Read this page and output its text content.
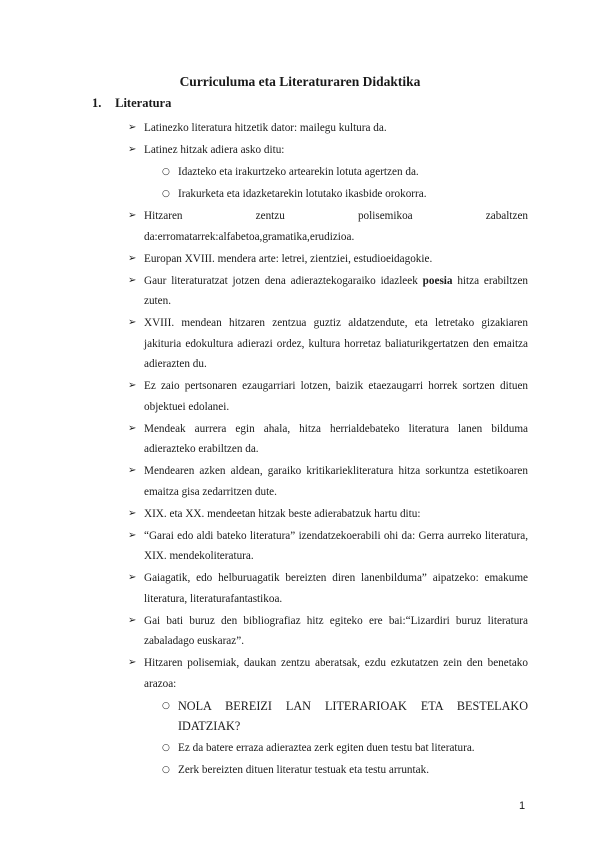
Curriculuma eta Literaturaren Didaktika
1. Literatura
➢ Latinezko literatura hitzetik dator: mailegu kultura da.
➢ Latinez hitzak adiera asko ditu:
○ Idazteko eta irakurtzeko artearekin lotuta agertzen da.
○ Irakurketa eta idazketarekin lotutako ikasbide orokorra.
➢ Hitzaren zentzu polisemikoa zabaltzen da:erromatarrek:alfabetoa,gramatika,erudizioa.
➢ Europan XVIII. mendera arte: letrei, zientziei, estudioeidagokie.
➢ Gaur literaturatzat jotzen dena adieraztekogaraiko idazleek poesia hitza erabiltzen zuten.
➢ XVIII. mendean hitzaren zentzua guztiz aldatzendute, eta letretako gizakiaren jakituria edokultura adierazi ordez, kultura horretaz baliaturikgertatzen den emaitza adierazten du.
➢ Ez zaio pertsonaren ezaugarriari lotzen, baizik etaezaugarri horrek sortzen dituen objektuei edolanei.
➢ Mendeak aurrera egin ahala, hitza herrialdebateko literatura lanen bilduma adierazteko erabiltzen da.
➢ Mendearen azken aldean, garaiko kritikariekliteratura hitza sorkuntza estetikoaren emaitza gisa zedarritzen dute.
➢ XIX. eta XX. mendeetan hitzak beste adierabatzuk hartu ditu:
➢ “Garai edo aldi bateko literatura” izendatzekoerabili ohi da: Gerra aurreko literatura, XIX. mendekoliteratura.
➢ Gaiagatik, edo helburuagatik bereizten diren lanenbilduma” aipatzeko: emakume literatura, literaturafantastikoa.
➢ Gai bati buruz den bibliografiaz hitz egiteko ere bai:“Lizardiri buruz literatura zabaladago euskaraz”.
➢ Hitzaren polisemiak, daukan zentzu aberatsak, ezdu ezkutatzen zein den benetako arazoa:
○ NOLA BEREIZI LAN LITERARIOAK ETA BESTELAKO IDATZIAK?
○ Ez da batere erraza adieraztea zerk egiten duen testu bat literatura.
○ Zerk bereizten dituen literatur testuak eta testu arruntak.
1
